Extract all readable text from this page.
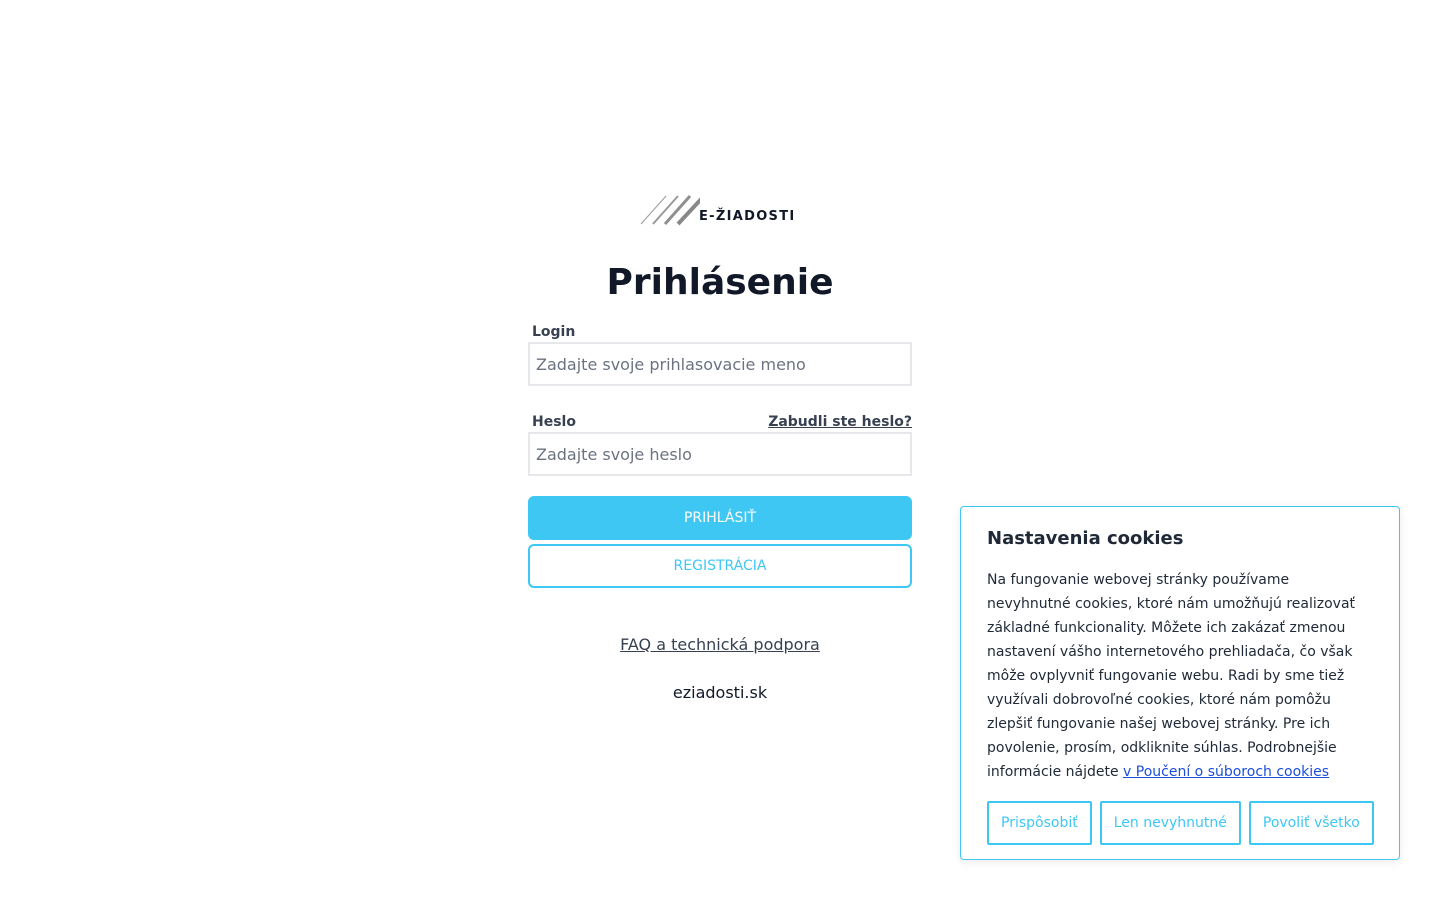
E-ŽIADOSTI
Prihlásenie
Login
Zadajte svoje prihlasovacie meno
Heslo	Zabudli ste heslo?
PRIHLÁSIŤ
REGISTRÁCIA
FAQ a technická podpora
eziadosti.sk
Nastavenia cookies

Na fungovanie webovej stránky používame nevyhnutné cookies, ktoré nám umožňujú realizovať základné funkcionality. Môžete ich zakázať zmenou nastavení vášho internetového prehliadača, čo však môže ovplyvniť fungovanie webu. Radi by sme tiež využívali dobrovoľné cookies, ktoré nám pomôžu zlepšiť fungovanie našej webovej stránky. Pre ich povolenie, prosím, odkliknite súhlas. Podrobnejšie informácie nájdete v Poučení o súboroch cookies

Prispôsobiť	Len nevyhnutné	Povoliť všetko
